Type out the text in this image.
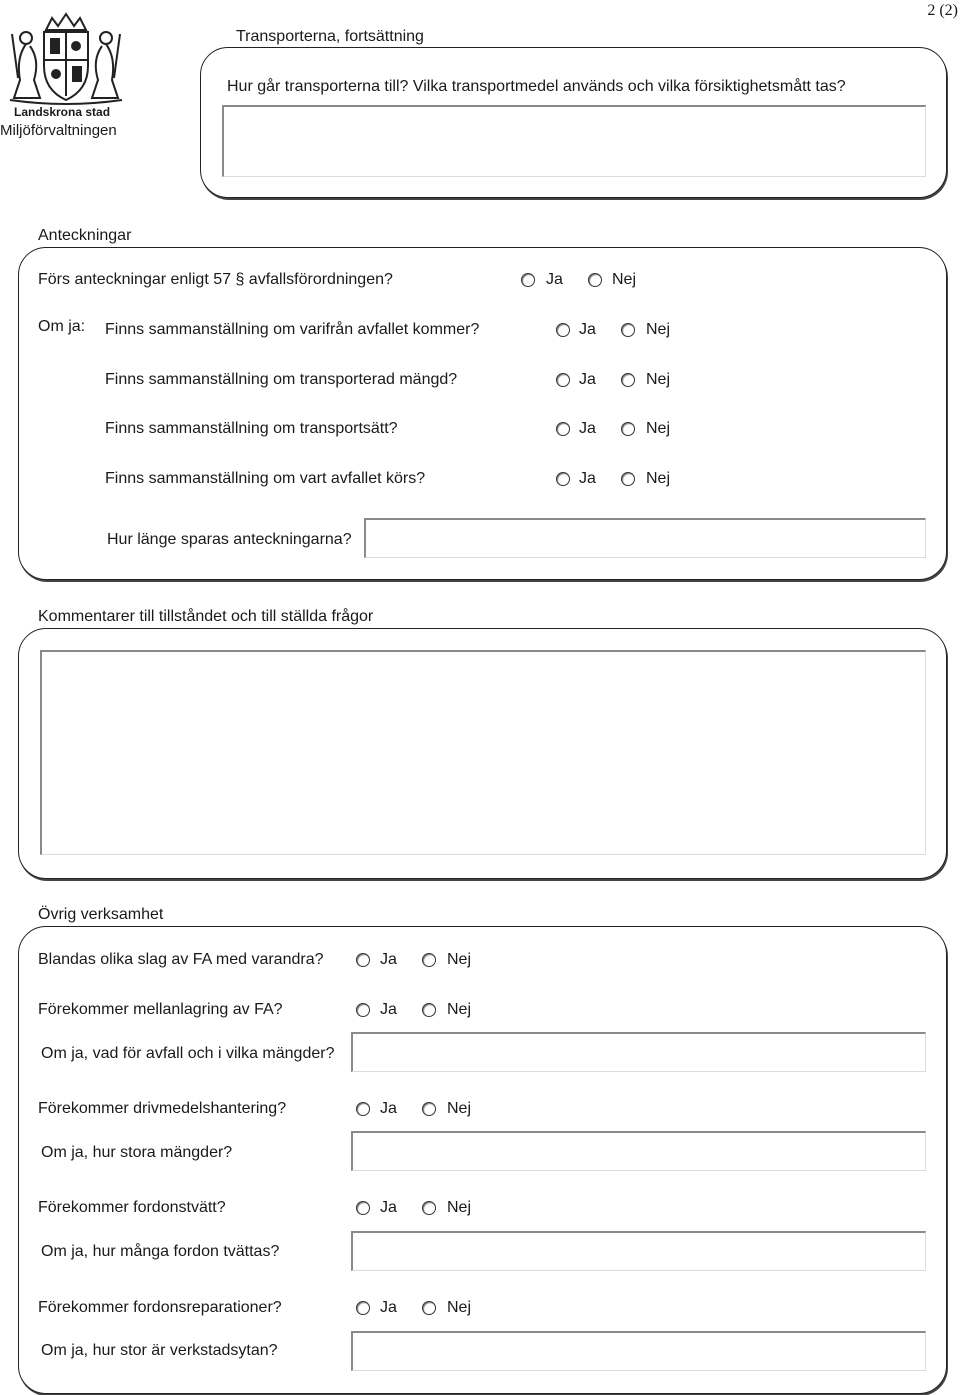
Landskrona stad
Miljöförvaltningen
2 (2)
Transporterna, fortsättning
Hur går transporterna till? Vilka transportmedel används och vilka försiktighetsmått tas?
Anteckningar
Förs anteckningar enligt 57 § avfallsförordningen?	Ja	Nej
Om ja: Finns sammanställning om varifrån avfallet kommer?	Ja	Nej
Finns sammanställning om transporterad mängd?	Ja	Nej
Finns sammanställning om transportsätt?	Ja	Nej
Finns sammanställning om vart avfallet körs?	Ja	Nej
Hur länge sparas anteckningarna?
Kommentarer till tillståndet och till ställda frågor
Övrig verksamhet
Blandas olika slag av FA med varandra?	Ja	Nej
Förekommer mellanlagring av FA?	Ja	Nej
Om ja, vad för avfall och i vilka mängder?
Förekommer drivmedelshantering?	Ja	Nej
Om ja, hur stora mängder?
Förekommer fordonstvätt?	Ja	Nej
Om ja, hur många fordon tvättas?
Förekommer fordonsreparationer?	Ja	Nej
Om ja, hur stor är verkstadsytan?
